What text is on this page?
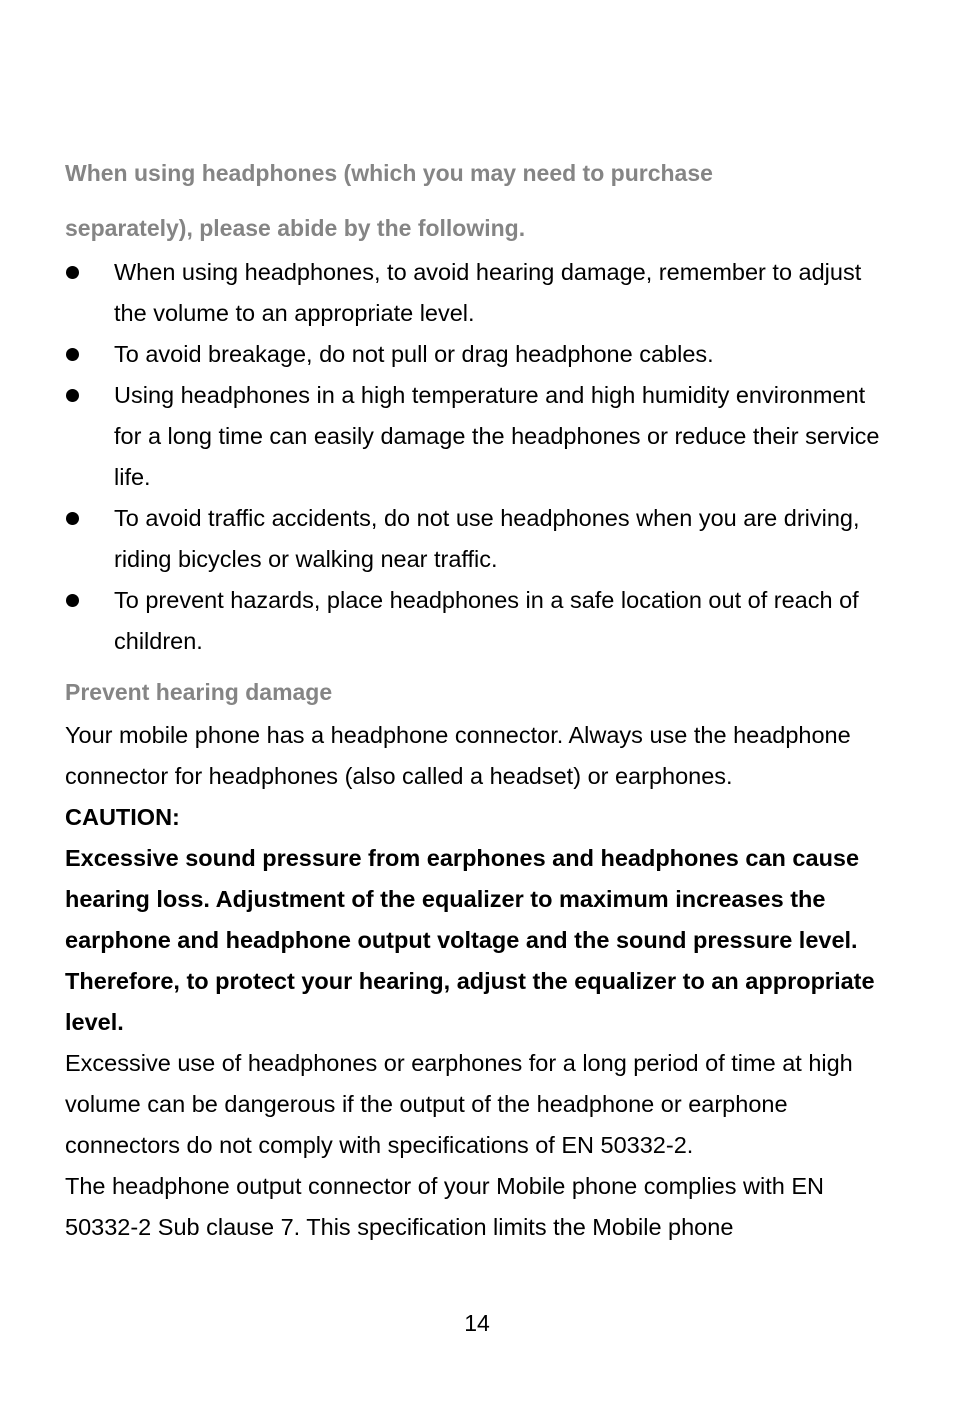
When using headphones (which you may need to purchase

separately), please abide by the following.

When using headphones, to avoid hearing damage, remember to adjust the volume to an appropriate level.
To avoid breakage, do not pull or drag headphone cables.
Using headphones in a high temperature and high humidity environment for a long time can easily damage the headphones or reduce their service life.
To avoid traffic accidents, do not use headphones when you are driving, riding bicycles or walking near traffic.
To prevent hazards, place headphones in a safe location out of reach of children.

Prevent hearing damage

Your mobile phone has a headphone connector. Always use the headphone connector for headphones (also called a headset) or earphones.

CAUTION:

Excessive sound pressure from earphones and headphones can cause hearing loss. Adjustment of the equalizer to maximum increases the earphone and headphone output voltage and the sound pressure level. Therefore, to protect your hearing, adjust the equalizer to an appropriate level.

Excessive use of headphones or earphones for a long period of time at high volume can be dangerous if the output of the headphone or earphone connectors do not comply with specifications of EN 50332-2.

The headphone output connector of your Mobile phone complies with EN 50332-2 Sub clause 7. This specification limits the Mobile phone

14
